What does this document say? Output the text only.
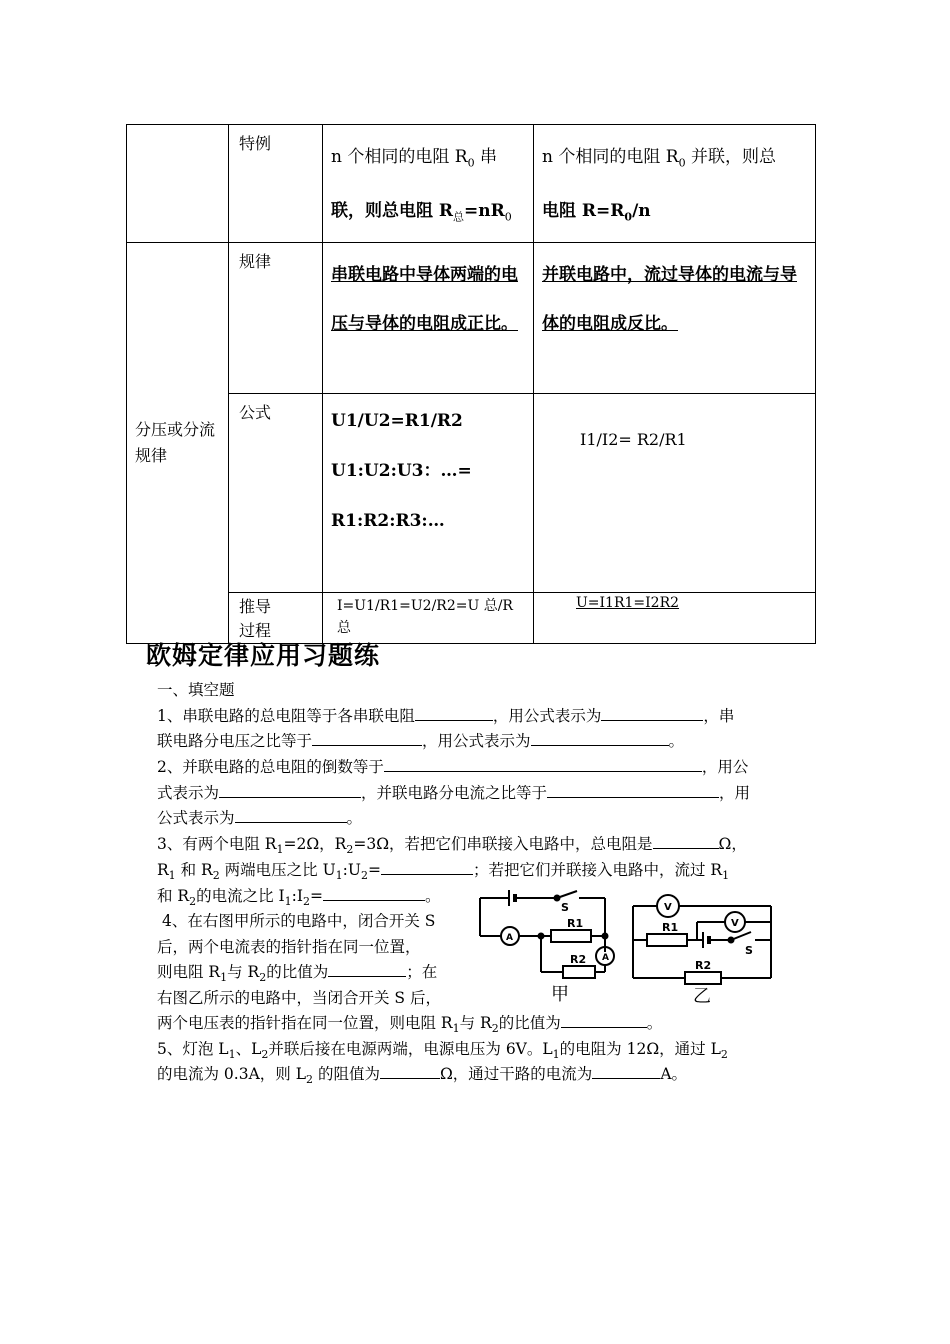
	特例	n 个相同的电阻 $R_0$ 串
联，则总电阻 $R_总=nR_0$	n 个相同的电阻 $R_0$ 并联，则总
电阻 $R=R_0/n$

分压或分流规律	规律	串联电路中导体两端的电压与导体的电阻成正比。	并联电路中，流过导体的电流与导体的电阻成反比。

	公式	U1/U2=R1/R2
U1:U2:U3：…=
R1:R2:R3:…	I1/I2= R2/R1

	推导过程	I=U1/R1=U2/R2=U 总/R 总	U=I1R1=I2R2
欧姆定律应用习题练
一、填空题
1、串联电路的总电阻等于各串联电阻	，用公式表示为	，串
联电路分电压之比等于	，用公式表示为	。
2、并联电路的总电阻的倒数等于	，用公
式表示为	，并联电路分电流之比等于	，用
公式表示为	。
3、有两个电阻 $R_1=2\Omega$，$R_2=3\Omega$，若把它们串联接入电路中，总电阻是	Ω，
$R_1$ 和 $R_2$ 两端电压之比 $U_1:U_2=$	；若把它们并联接入电路中，流过 $R_1$
和 $R_2$的电流之比 $I_1:I_2=$	。
4、在右图甲所示的电路中，闭合开关 S
后，两个电流表的指针指在同一位置，
则电阻 $R_1$与 $R_2$的比值为	；在
右图乙所示的电路中，当闭合开关 S 后，
两个电压表的指针指在同一位置，则电阻 $R_1$与 $R_2$的比值为	。
5、灯泡 $L_1$、$L_2$并联后接在电源两端，电源电压为 6V。$L_1$的电阻为 12Ω，通过 $L_2$
的电流为 0.3A，则 $L_2$ 的阻值为	Ω，通过干路的电流为	A。
S
A
A
R1
R2
甲
V
V
R1
R2
S
乙
